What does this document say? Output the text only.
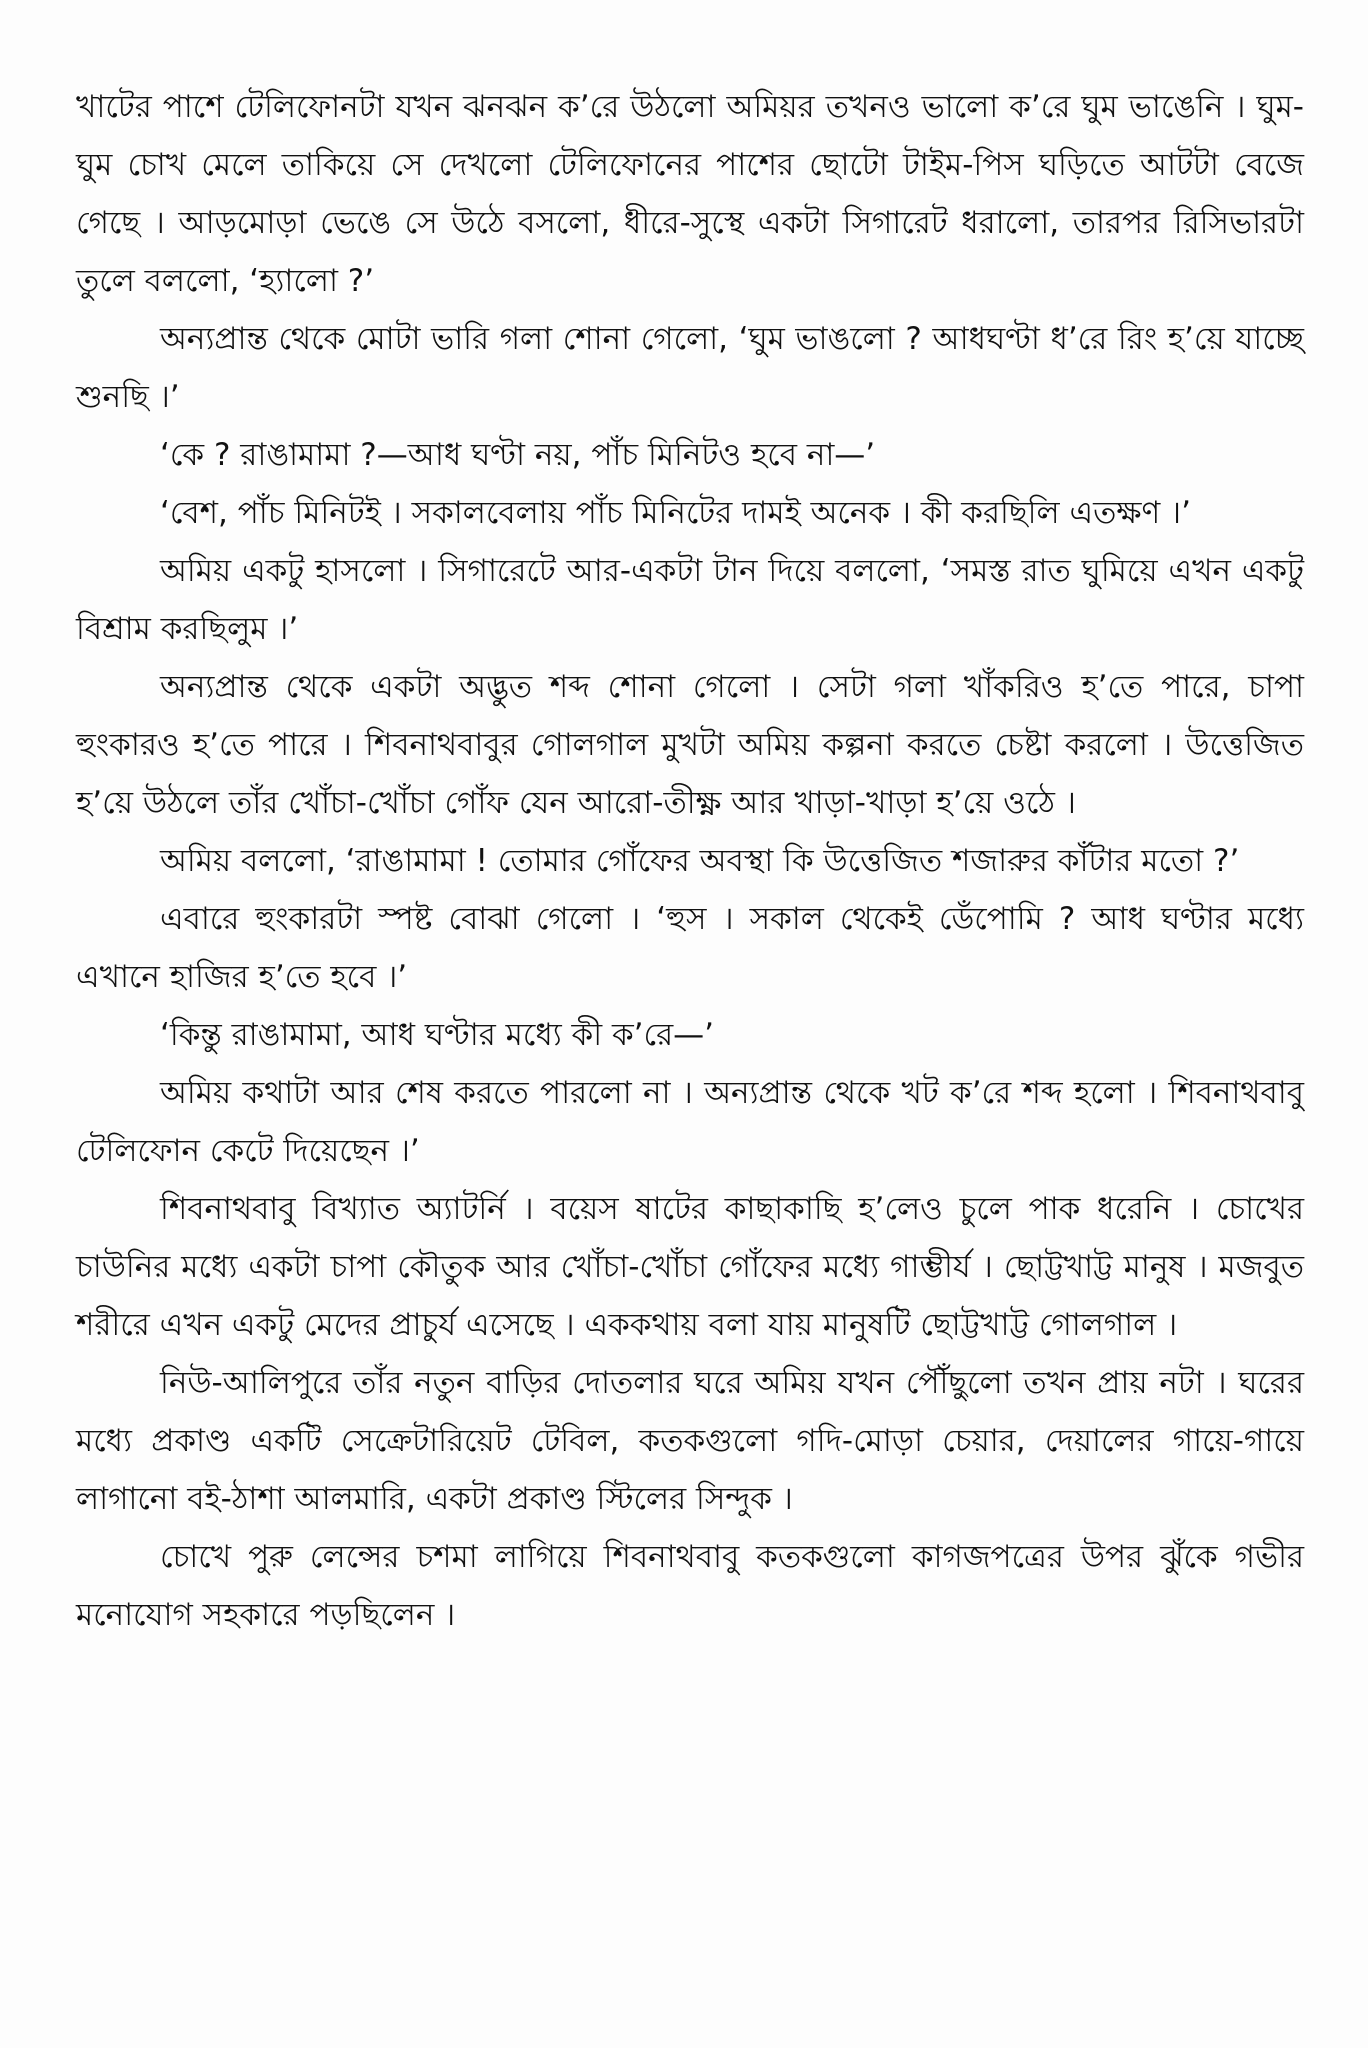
খাটের পাশে টেলিফোনটা যখন ঝনঝন ক’রে উঠলো অমিয়র তখনও ভালো ক’রে ঘুম ভাঙেনি । ঘুম-ঘুম চোখ মেলে তাকিয়ে সে দেখলো টেলিফোনের পাশের ছোটো টাইম-পিস ঘড়িতে আটটা বেজে গেছে । আড়মোড়া ভেঙে সে উঠে বসলো, ধীরে-সুস্থে একটা সিগারেট ধরালো, তারপর রিসিভারটা তুলে বললো, ‘হ্যালো ?’

অন্যপ্রান্ত থেকে মোটা ভারি গলা শোনা গেলো, ‘ঘুম ভাঙলো ? আধঘণ্টা ধ’রে রিং হ’য়ে যাচ্ছে শুনছি ।’

‘কে ? রাঙামামা ?—আধ ঘণ্টা নয়, পাঁচ মিনিটও হবে না—’

‘বেশ, পাঁচ মিনিটই । সকালবেলায় পাঁচ মিনিটের দামই অনেক । কী করছিলি এতক্ষণ ।’

অমিয় একটু হাসলো । সিগারেটে আর-একটা টান দিয়ে বললো, ‘সমস্ত রাত ঘুমিয়ে এখন একটু বিশ্রাম করছিলুম ।’

অন্যপ্রান্ত থেকে একটা অদ্ভুত শব্দ শোনা গেলো । সেটা গলা খাঁকরিও হ’তে পারে, চাপা হুংকারও হ’তে পারে । শিবনাথবাবুর গোলগাল মুখটা অমিয় কল্পনা করতে চেষ্টা করলো । উত্তেজিত হ’য়ে উঠলে তাঁর খোঁচা-খোঁচা গোঁফ যেন আরো-তীক্ষ্ণ আর খাড়া-খাড়া হ’য়ে ওঠে ।

অমিয় বললো, ‘রাঙামামা ! তোমার গোঁফের অবস্থা কি উত্তেজিত শজারুর কাঁটার মতো ?’

এবারে হুংকারটা স্পষ্ট বোঝা গেলো । ‘হুস । সকাল থেকেই ডেঁপোমি ? আধ ঘণ্টার মধ্যে এখানে হাজির হ’তে হবে ।’

‘কিন্তু রাঙামামা, আধ ঘণ্টার মধ্যে কী ক’রে—’

অমিয় কথাটা আর শেষ করতে পারলো না । অন্যপ্রান্ত থেকে খট ক’রে শব্দ হলো । শিবনাথবাবু টেলিফোন কেটে দিয়েছেন ।’

শিবনাথবাবু বিখ্যাত অ্যাটর্নি । বয়েস ষাটের কাছাকাছি হ’লেও চুলে পাক ধরেনি । চোখের চাউনির মধ্যে একটা চাপা কৌতুক আর খোঁচা-খোঁচা গোঁফের মধ্যে গাম্ভীর্য । ছোট্টখাট্ট মানুষ । মজবুত শরীরে এখন একটু মেদের প্রাচুর্য এসেছে । এককথায় বলা যায় মানুষটি ছোট্টখাট্ট গোলগাল ।

নিউ-আলিপুরে তাঁর নতুন বাড়ির দোতলার ঘরে অমিয় যখন পৌঁছুলো তখন প্রায় নটা । ঘরের মধ্যে প্রকাণ্ড একটি সেক্রেটারিয়েট টেবিল, কতকগুলো গদি-মোড়া চেয়ার, দেয়ালের গায়ে-গায়ে লাগানো বই-ঠাশা আলমারি, একটা প্রকাণ্ড স্টিলের সিন্দুক ।

চোখে পুরু লেন্সের চশমা লাগিয়ে শিবনাথবাবু কতকগুলো কাগজপত্রের উপর ঝুঁকে গভীর মনোযোগ সহকারে পড়ছিলেন ।
